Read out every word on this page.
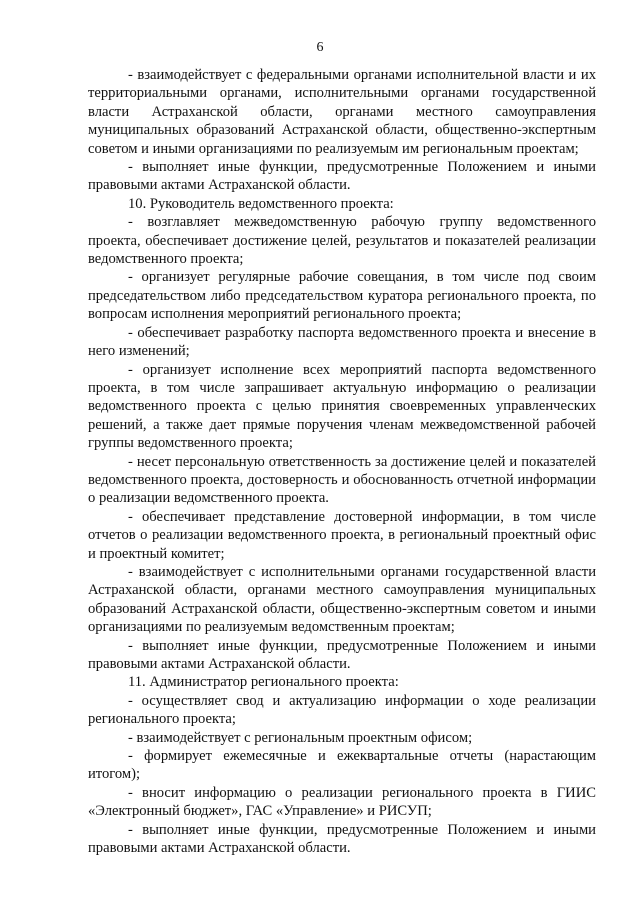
6

- взаимодействует с федеральными органами исполнительной власти и их территориальными органами, исполнительными органами государственной власти Астраханской области, органами местного самоуправления муниципальных образований Астраханской области, общественно-экспертным советом и иными организациями по реализуемым им региональным проектам;

- выполняет иные функции, предусмотренные Положением и иными правовыми актами Астраханской области.

10. Руководитель ведомственного проекта:

- возглавляет межведомственную рабочую группу ведомственного проекта, обеспечивает достижение целей, результатов и показателей реализации ведомственного проекта;

- организует регулярные рабочие совещания, в том числе под своим председательством либо председательством куратора регионального проекта, по вопросам исполнения мероприятий регионального проекта;

- обеспечивает разработку паспорта ведомственного проекта и внесение в него изменений;

- организует исполнение всех мероприятий паспорта ведомственного проекта, в том числе запрашивает актуальную информацию о реализации ведомственного проекта с целью принятия своевременных управленческих решений, а также дает прямые поручения членам межведомственной рабочей группы ведомственного проекта;

- несет персональную ответственность за достижение целей и показателей ведомственного проекта, достоверность и обоснованность отчетной информации о реализации ведомственного проекта.

- обеспечивает представление достоверной информации, в том числе отчетов о реализации ведомственного проекта, в региональный проектный офис и проектный комитет;

- взаимодействует с исполнительными органами государственной власти Астраханской области, органами местного самоуправления муниципальных образований Астраханской области, общественно-экспертным советом и иными организациями по реализуемым ведомственным проектам;

- выполняет иные функции, предусмотренные Положением и иными правовыми актами Астраханской области.

11. Администратор регионального проекта:

- осуществляет свод и актуализацию информации о ходе реализации регионального проекта;

- взаимодействует с региональным проектным офисом;

- формирует ежемесячные и ежеквартальные отчеты (нарастающим итогом);

- вносит информацию о реализации регионального проекта в ГИИС «Электронный бюджет», ГАС «Управление» и РИСУП;

- выполняет иные функции, предусмотренные Положением и иными правовыми актами Астраханской области.
